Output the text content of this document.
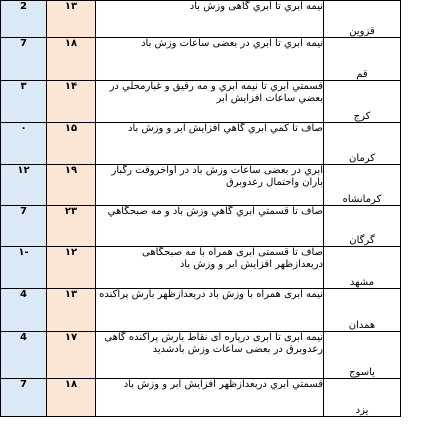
قزوین	نیمه ابري تا ابري گاهی وزش باد	۱۳	2
قم	نیمه ابري تا ابري در بعضی ساعات وزش باد	۱۸	7
کرج	قسمتي ابري تا نيمه ابري و مه رقيق و غبارمحلي در بعضي ساعات افزايش ابر	۱۴	۳
کرمان	صاف تا کمي ابري گاهي افزايش ابر و وزش باد	۱۵	۰
کرمانشاه	ابري در بعضی ساعات وزش باد در اواخروقت رگبار باران واحتمال رعدوبرق	۱۹	۱۲
گرگان	صاف تا قسمتي ابري گاهي وزش باد و مه صبحگاهي	۲۳	7
مشهد	صاف تا قسمتی ابری همراه با مه صبحگاهی دربعدازظهر افزایش ابر و وزش باد	۱۲	-۱
همدان	نیمه ابری همراه با وزش باد دربعدازظهر بارش پراکنده	۱۳	4
یاسوج	نیمه ابری تا ابری درپاره ای نقاط بارش پراکنده گاهی رعدوبرق در بعضی ساعات وزش بادشدید	۱۷	4
یزد	قسمتي ابري دربعدازظهر افزايش ابر و وزش باد	۱۸	7
